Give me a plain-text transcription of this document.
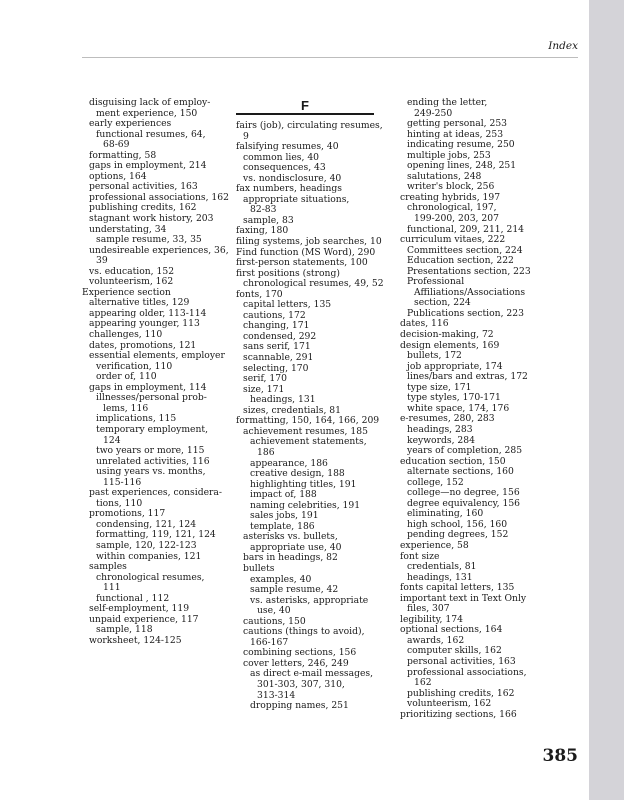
Index
disguising lack of employ-
ment experience, 150
early experiences
functional resumes, 64,
68-69
formatting, 58
gaps in employment, 214
options, 164
personal activities, 163
professional associations, 162
publishing credits, 162
stagnant work history, 203
understating, 34
sample resume, 33, 35
undesireable experiences, 36,
39
vs. education, 152
volunteerism, 162
Experience section
alternative titles, 129
appearing older, 113-114
appearing younger, 113
challenges, 110
dates, promotions, 121
essential elements, employer
verification, 110
order of, 110
gaps in employment, 114
illnesses/personal prob-
lems, 116
implications, 115
temporary employment,
124
two years or more, 115
unrelated activities, 116
using years vs. months,
115-116
past experiences, considera-
tions, 110
promotions, 117
condensing, 121, 124
formatting, 119, 121, 124
sample, 120, 122-123
within companies, 121
samples
chronological resumes,
111
functional , 112
self-employment, 119
unpaid experience, 117
sample, 118
worksheet, 124-125
F
fairs (job), circulating resumes,
9
falsifying resumes, 40
common lies, 40
consequences, 43
vs. nondisclosure, 40
fax numbers, headings
appropriate situations,
82-83
sample, 83
faxing, 180
filing systems, job searches, 10
Find function (MS Word), 290
first-person statements, 100
first positions (strong)
chronological resumes, 49, 52
fonts, 170
capital letters, 135
cautions, 172
changing, 171
condensed, 292
sans serif, 171
scannable, 291
selecting, 170
serif, 170
size, 171
headings, 131
sizes, credentials, 81
formatting, 150, 164, 166, 209
achievement resumes, 185
achievement statements,
186
appearance, 186
creative design, 188
highlighting titles, 191
impact of, 188
naming celebrities, 191
sales jobs, 191
template, 186
asterisks vs. bullets,
appropriate use, 40
bars in headings, 82
bullets
examples, 40
sample resume, 42
vs. asterisks, appropriate
use, 40
cautions, 150
cautions (things to avoid),
166-167
combining sections, 156
cover letters, 246, 249
as direct e-mail messages,
301-303, 307, 310,
313-314
dropping names, 251
ending the letter,
249-250
getting personal, 253
hinting at ideas, 253
indicating resume, 250
multiple jobs, 253
opening lines, 248, 251
salutations, 248
writer's block, 256
creating hybrids, 197
chronological, 197,
199-200, 203, 207
functional, 209, 211, 214
curriculum vitaes, 222
Committees section, 224
Education section, 222
Presentations section, 223
Professional
Affiliations/Associations
section, 224
Publications section, 223
dates, 116
decision-making, 72
design elements, 169
bullets, 172
job appropriate, 174
lines/bars and extras, 172
type size, 171
type styles, 170-171
white space, 174, 176
e-resumes, 280, 283
headings, 283
keywords, 284
years of completion, 285
education section, 150
alternate sections, 160
college, 152
college—no degree, 156
degree equivalency, 156
eliminating, 160
high school, 156, 160
pending degrees, 152
experience, 58
font size
credentials, 81
headings, 131
fonts capital letters, 135
important text in Text Only
files, 307
legibility, 174
optional sections, 164
awards, 162
computer skills, 162
personal activities, 163
professional associations,
162
publishing credits, 162
volunteerism, 162
prioritizing sections, 166
385
